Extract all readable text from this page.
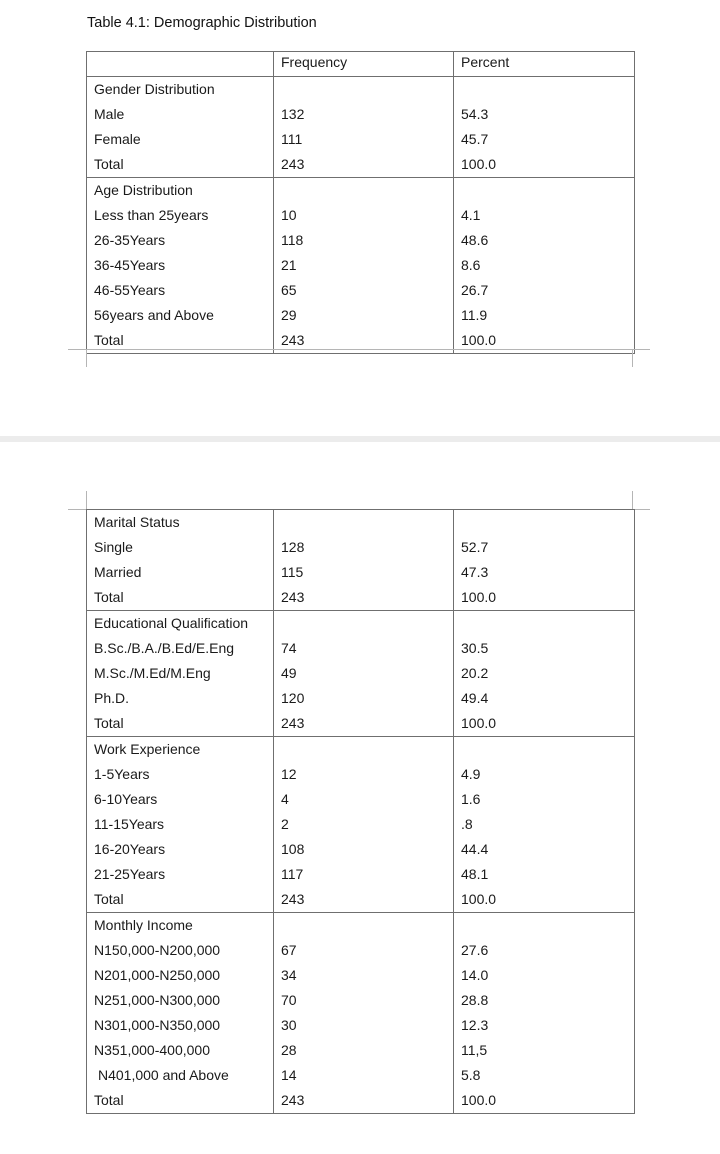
Table 4.1: Demographic Distribution
	Frequency	Percent
Gender Distribution		
Male	132	54.3
Female	111	45.7
Total	243	100.0
Age Distribution		
Less than 25years	10	4.1
26-35Years	118	48.6
36-45Years	21	8.6
46-55Years	65	26.7
56years and Above	29	11.9
Total	243	100.0
Marital Status		
Single	128	52.7
Married	115	47.3
Total	243	100.0
Educational Qualification		
B.Sc./B.A./B.Ed/E.Eng	74	30.5
M.Sc./M.Ed/M.Eng	49	20.2
Ph.D.	120	49.4
Total	243	100.0
Work Experience		
1-5Years	12	4.9
6-10Years	4	1.6
11-15Years	2	.8
16-20Years	108	44.4
21-25Years	117	48.1
Total	243	100.0
Monthly Income		
N150,000-N200,000	67	27.6
N201,000-N250,000	34	14.0
N251,000-N300,000	70	28.8
N301,000-N350,000	30	12.3
N351,000-400,000	28	11,5
N401,000 and Above	14	5.8
Total	243	100.0
